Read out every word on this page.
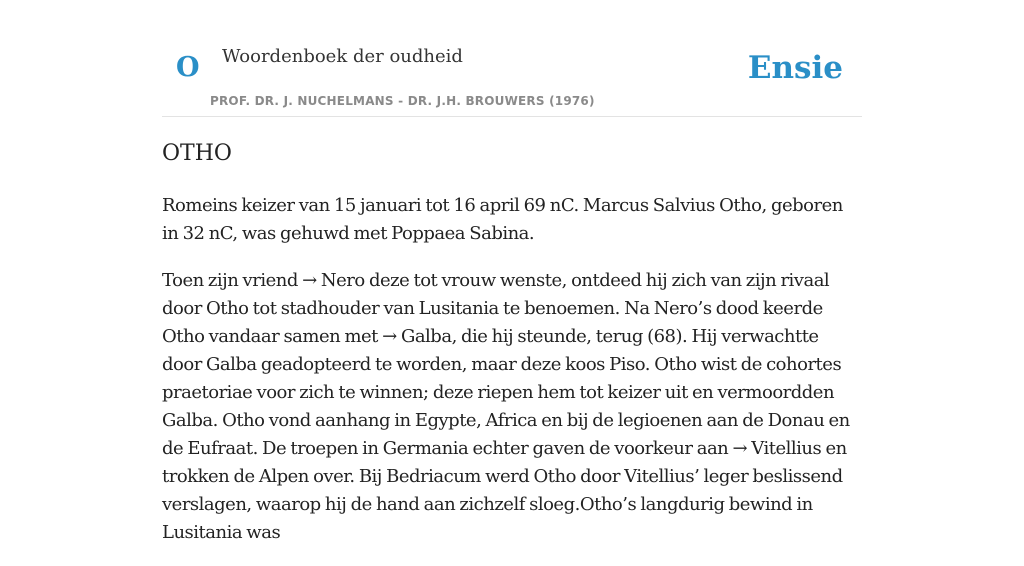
O Woordenboek der oudheid
PROF. DR. J. NUCHELMANS - DR. J.H. BROUWERS (1976)
Ensie
OTHO

Romeins keizer van 15 januari tot 16 april 69 nC. Marcus Salvius Otho, geboren in 32 nC, was gehuwd met Poppaea Sabina.

Toen zijn vriend → Nero deze tot vrouw wenste, ontdeed hij zich van zijn rivaal door Otho tot stadhouder van Lusitania te benoemen. Na Nero’s dood keerde Otho vandaar samen met → Galba, die hij steunde, terug (68). Hij verwachtte door Galba geadopteerd te worden, maar deze koos Piso. Otho wist de cohortes praetoriae voor zich te winnen; deze riepen hem tot keizer uit en vermoordden Galba. Otho vond aanhang in Egypte, Africa en bij de legioenen aan de Donau en de Eufraat. De troepen in Germania echter gaven de voorkeur aan → Vitellius en trokken de Alpen over. Bij Bedriacum werd Otho door Vitellius’ leger beslissend verslagen, waarop hij de hand aan zichzelf sloeg.Otho’s langdurig bewind in Lusitania was
